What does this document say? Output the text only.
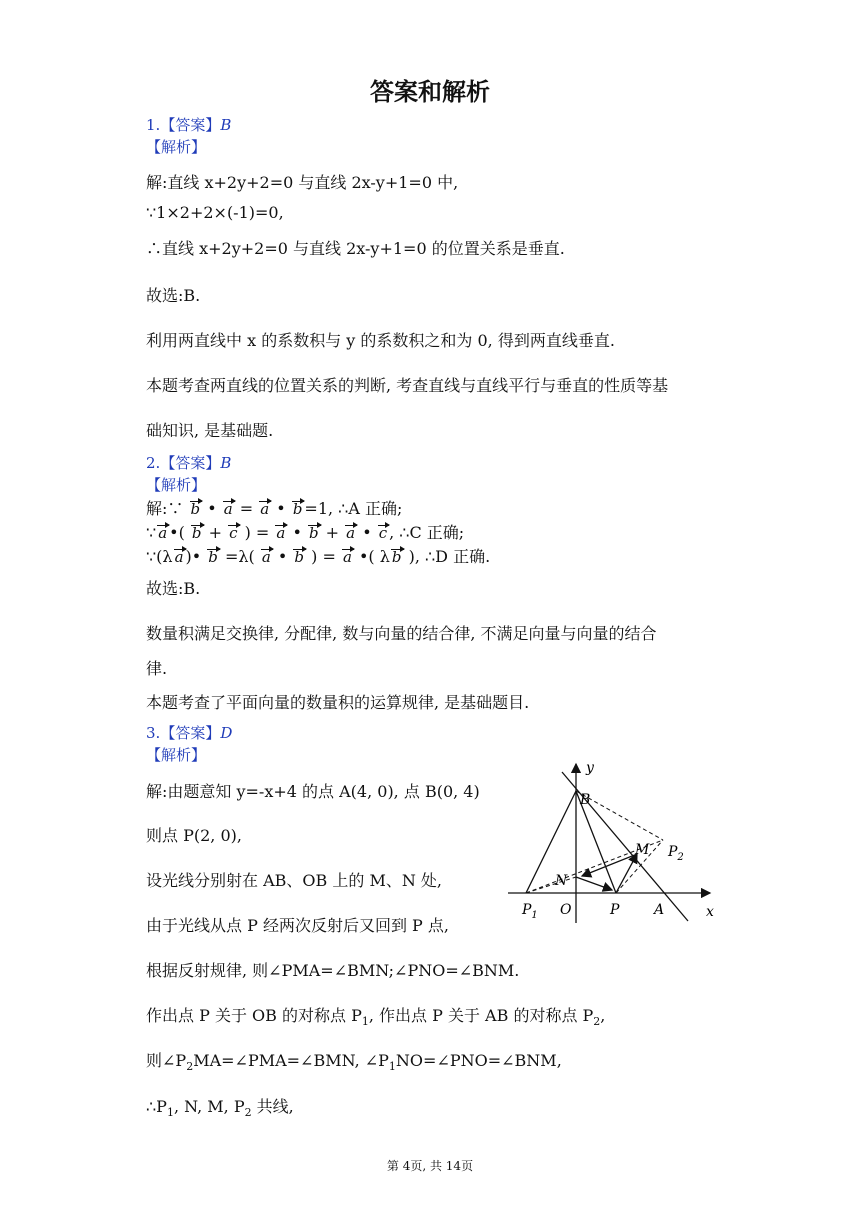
答案和解析
1.【答案】B
【解析】
解:直线 x+2y+2=0 与直线 2x-y+1=0 中,
∵1×2+2×(-1)=0,
∴直线 x+2y+2=0 与直线 2x-y+1=0 的位置关系是垂直.
故选:B.
利用两直线中 x 的系数积与 y 的系数积之和为 0, 得到两直线垂直.
本题考查两直线的位置关系的判断, 考查直线与直线平行与垂直的性质等基
础知识, 是基础题.
2.【答案】B
【解析】
解:∵ b • a = a • b =1, ∴A 正确;
∵ a •( b + c ) = a • b + a • c , ∴C 正确;
∵(λ a )• b =λ( a • b ) = a •( λ b ), ∴D 正确.
故选:B.
数量积满足交换律, 分配律, 数与向量的结合律, 不满足向量与向量的结合
律.
本题考查了平面向量的数量积的运算规律, 是基础题目.
3.【答案】D
【解析】
解:由题意知 y=-x+4 的点 A(4, 0), 点 B(0, 4)
则点 P(2, 0),
设光线分别射在 AB、OB 上的 M、N 处,
由于光线从点 P 经两次反射后又回到 P 点,
根据反射规律, 则∠PMA=∠BMN;∠PNO=∠BNM.
作出点 P 关于 OB 的对称点 $P_1$, 作出点 P 关于 AB 的对称点 $P_2$,
则$\angle P_2MA=\angle PMA=\angle BMN$, $\angle P_1NO=\angle PNO=\angle BNM$,
$\therefore P_1$, N, M, $P_2$ 共线,
y
x
B
M $P_2$
N
$P_1$ O	P A
第 4页, 共 14页
